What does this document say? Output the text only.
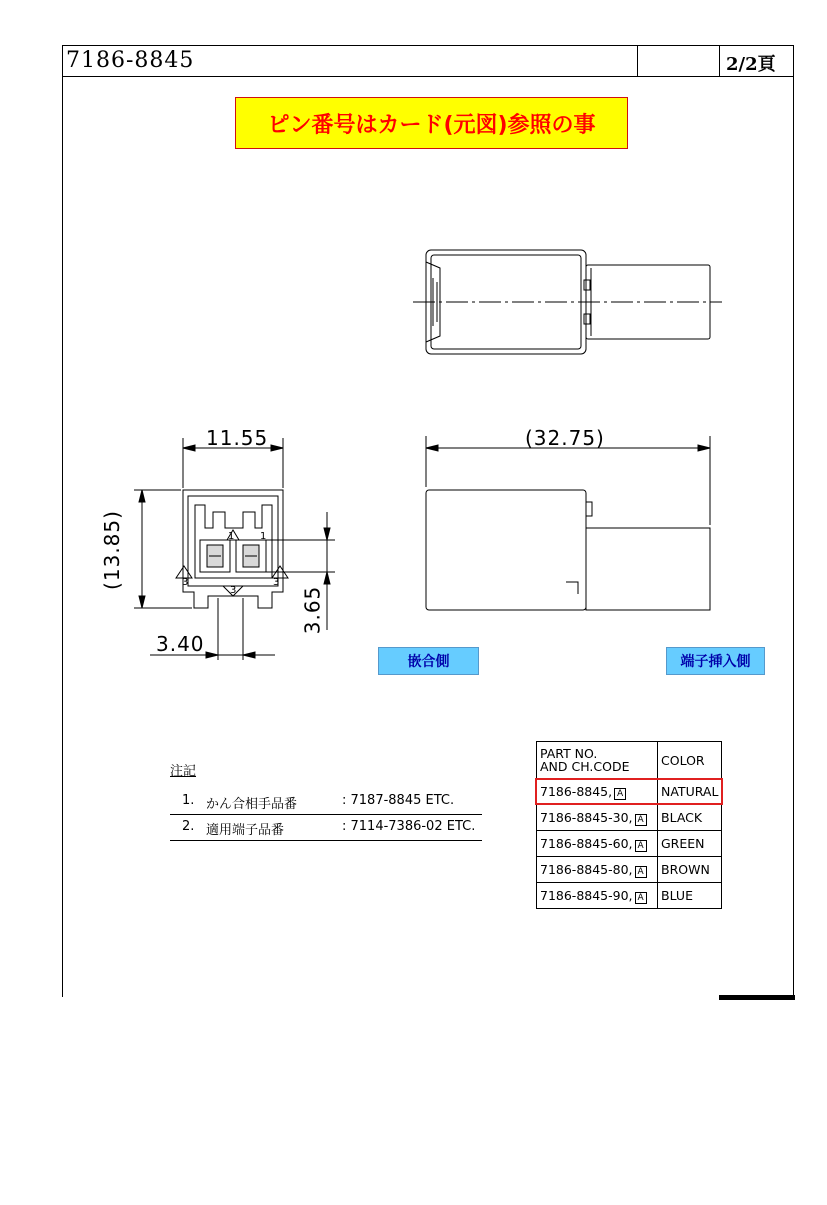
7186-8845	2/2頁
ピン番号はカード(元図)参照の事
1	1
3
3
3
11.55	(32.75)
3.40
(13.85)
3.65
嵌合側	端子挿入側
注記
1. かん合相手品番	: 7187-8845 ETC.
2. 適用端子品番	: 7114-7386-02 ETC.
PART NO.
AND CH.CODE	COLOR
7186-8845, A	NATURAL
7186-8845-30, A	BLACK
7186-8845-60, A	GREEN
7186-8845-80, A	BROWN
7186-8845-90, A	BLUE
